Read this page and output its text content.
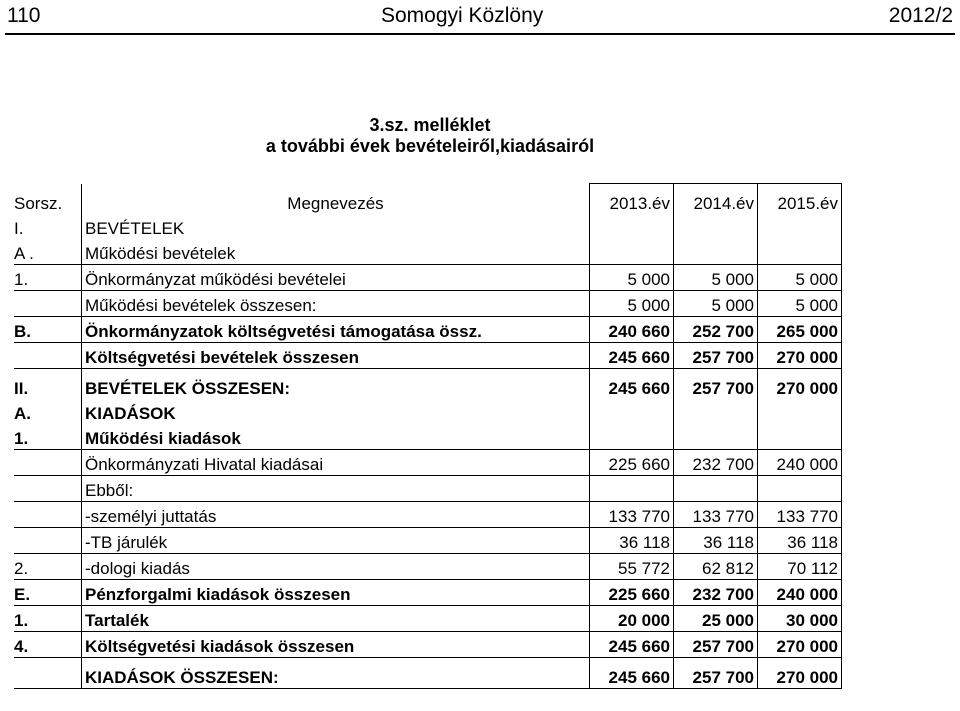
110	Somogyi Közlöny	2012/2
3.sz. melléklet
a további évek bevételeiről,kiadásairól
Sorsz.	Megnevezés	2013.év	2014.év	2015.év
I.	BEVÉTELEK			
A .	Működési bevételek			
1.	Önkormányzat működési bevételei	5 000	5 000	5 000
	Működési bevételek összesen:	5 000	5 000	5 000
B.	Önkormányzatok költségvetési támogatása össz.	240 660	252 700	265 000
	Költségvetési bevételek összesen	245 660	257 700	270 000
II.	BEVÉTELEK ÖSSZESEN:	245 660	257 700	270 000
A.	KIADÁSOK			
1.	Működési kiadások			
	Önkormányzati Hivatal kiadásai	225 660	232 700	240 000
	Ebből:			
	-személyi juttatás	133 770	133 770	133 770
	-TB járulék	36 118	36 118	36 118
2.	-dologi kiadás	55 772	62 812	70 112
E.	Pénzforgalmi kiadások összesen	225 660	232 700	240 000
1.	Tartalék	20 000	25 000	30 000
4.	Költségvetési kiadások összesen	245 660	257 700	270 000
	KIADÁSOK ÖSSZESEN:	245 660	257 700	270 000
